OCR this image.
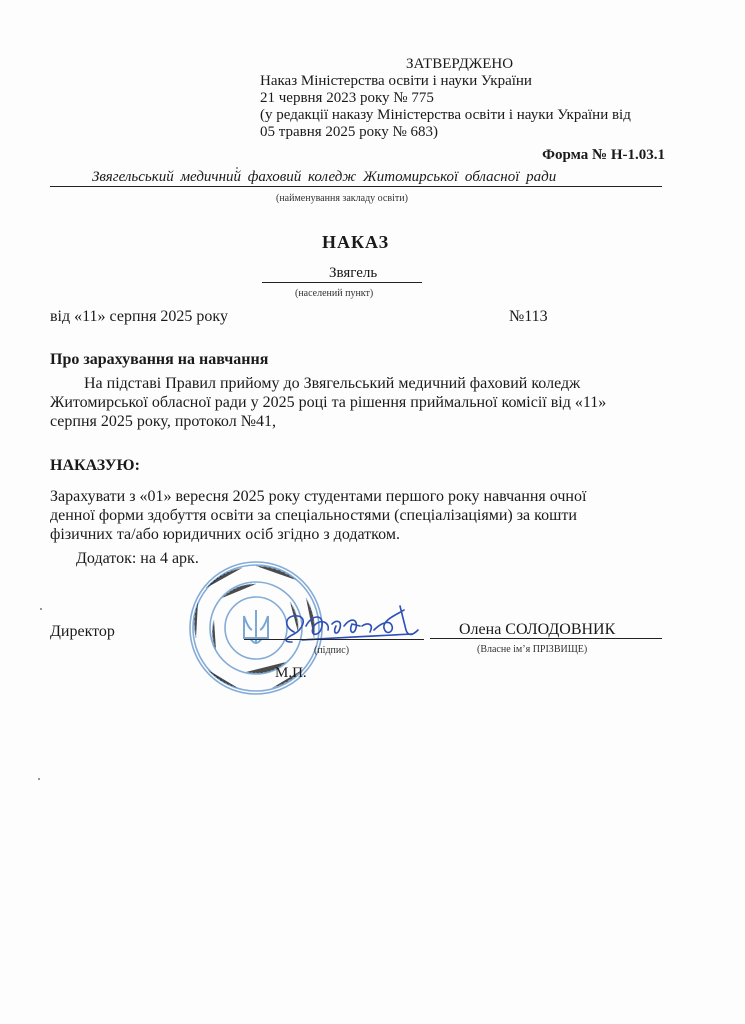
ЗАТВЕРДЖЕНО
Наказ Міністерства освіти і науки України
21 червня 2023 року № 775
(у редакції наказу Міністерства освіти і науки України від
05 травня 2025 року № 683)
Форма № Н-1.03.1
Звягельський медичний фаховий коледж Житомирської обласної ради
(найменування закладу освіти)
НАКАЗ
Звягель
(населений пункт)
від «11» серпня 2025 року	№113
Про зарахування на навчання
На підставі Правил прийому до Звягельський медичний фаховий коледж
Житомирської обласної ради у 2025 році та рішення приймальної комісії від «11»
серпня 2025 року, протокол №41,
НАКАЗУЮ:
Зарахувати з «01» вересня 2025 року студентами першого року навчання очної
денної форми здобуття освіти за спеціальностями (спеціалізаціями) за кошти
фізичних та/або юридичних осіб згідно з додатком.
Додаток: на 4 арк.
Директор
(підпис)
Олена СОЛОДОВНИК
(Власне ім’я ПРІЗВИЩЕ)
М.П.
